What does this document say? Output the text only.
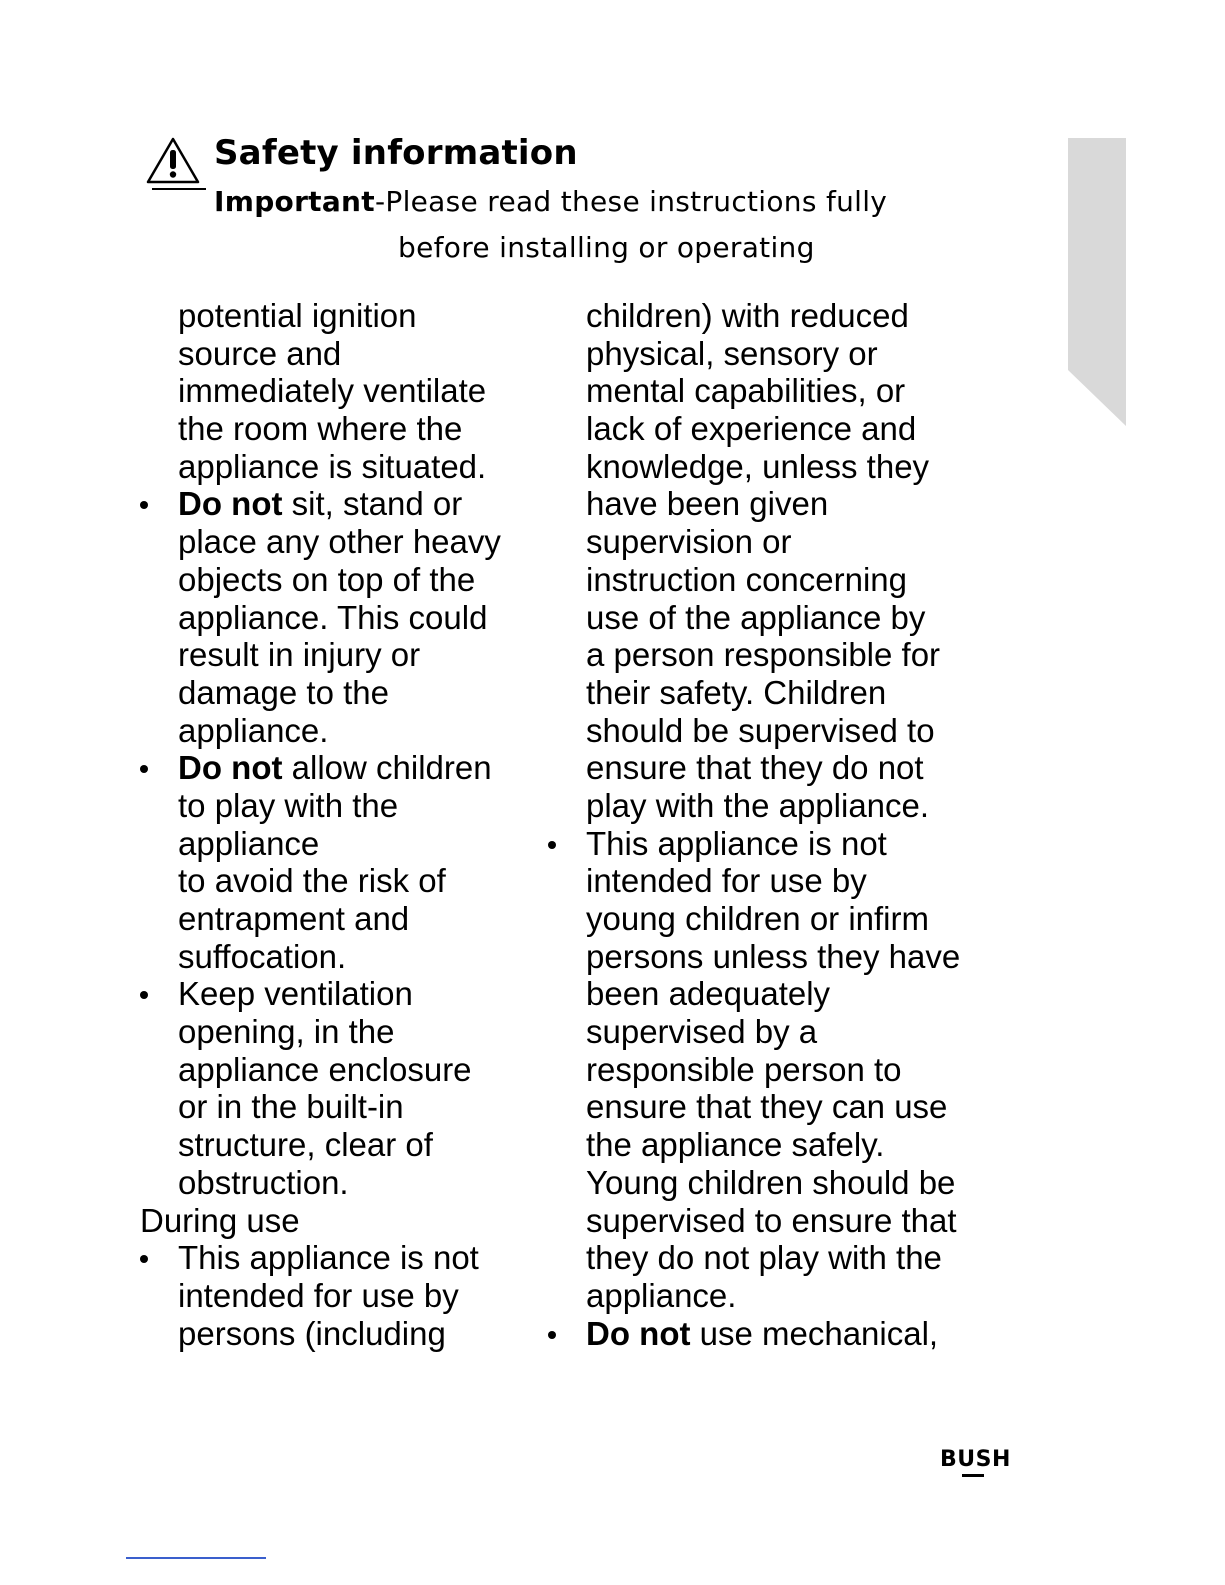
Safety information
Important-Please read these instructions fully
before installing or operating
potential ignition
source and
immediately ventilate
the room where the
appliance is situated.
Do not sit, stand or
place any other heavy
objects on top of the
appliance. This could
result in injury or
damage to the
appliance.
Do not allow children
to play with the
appliance
to avoid the risk of
entrapment and
suffocation.
Keep ventilation
opening, in the
appliance enclosure
or in the built-in
structure, clear of
obstruction.
During use
This appliance is not
intended for use by
persons (including
children) with reduced
physical, sensory or
mental capabilities, or
lack of experience and
knowledge, unless they
have been given
supervision or
instruction concerning
use of the appliance by
a person responsible for
their safety. Children
should be supervised to
ensure that they do not
play with the appliance.
This appliance is not
intended for use by
young children or infirm
persons unless they have
been adequately
supervised by a
responsible person to
ensure that they can use
the appliance safely.
Young children should be
supervised to ensure that
they do not play with the
appliance.
Do not use mechanical,
BUSH
